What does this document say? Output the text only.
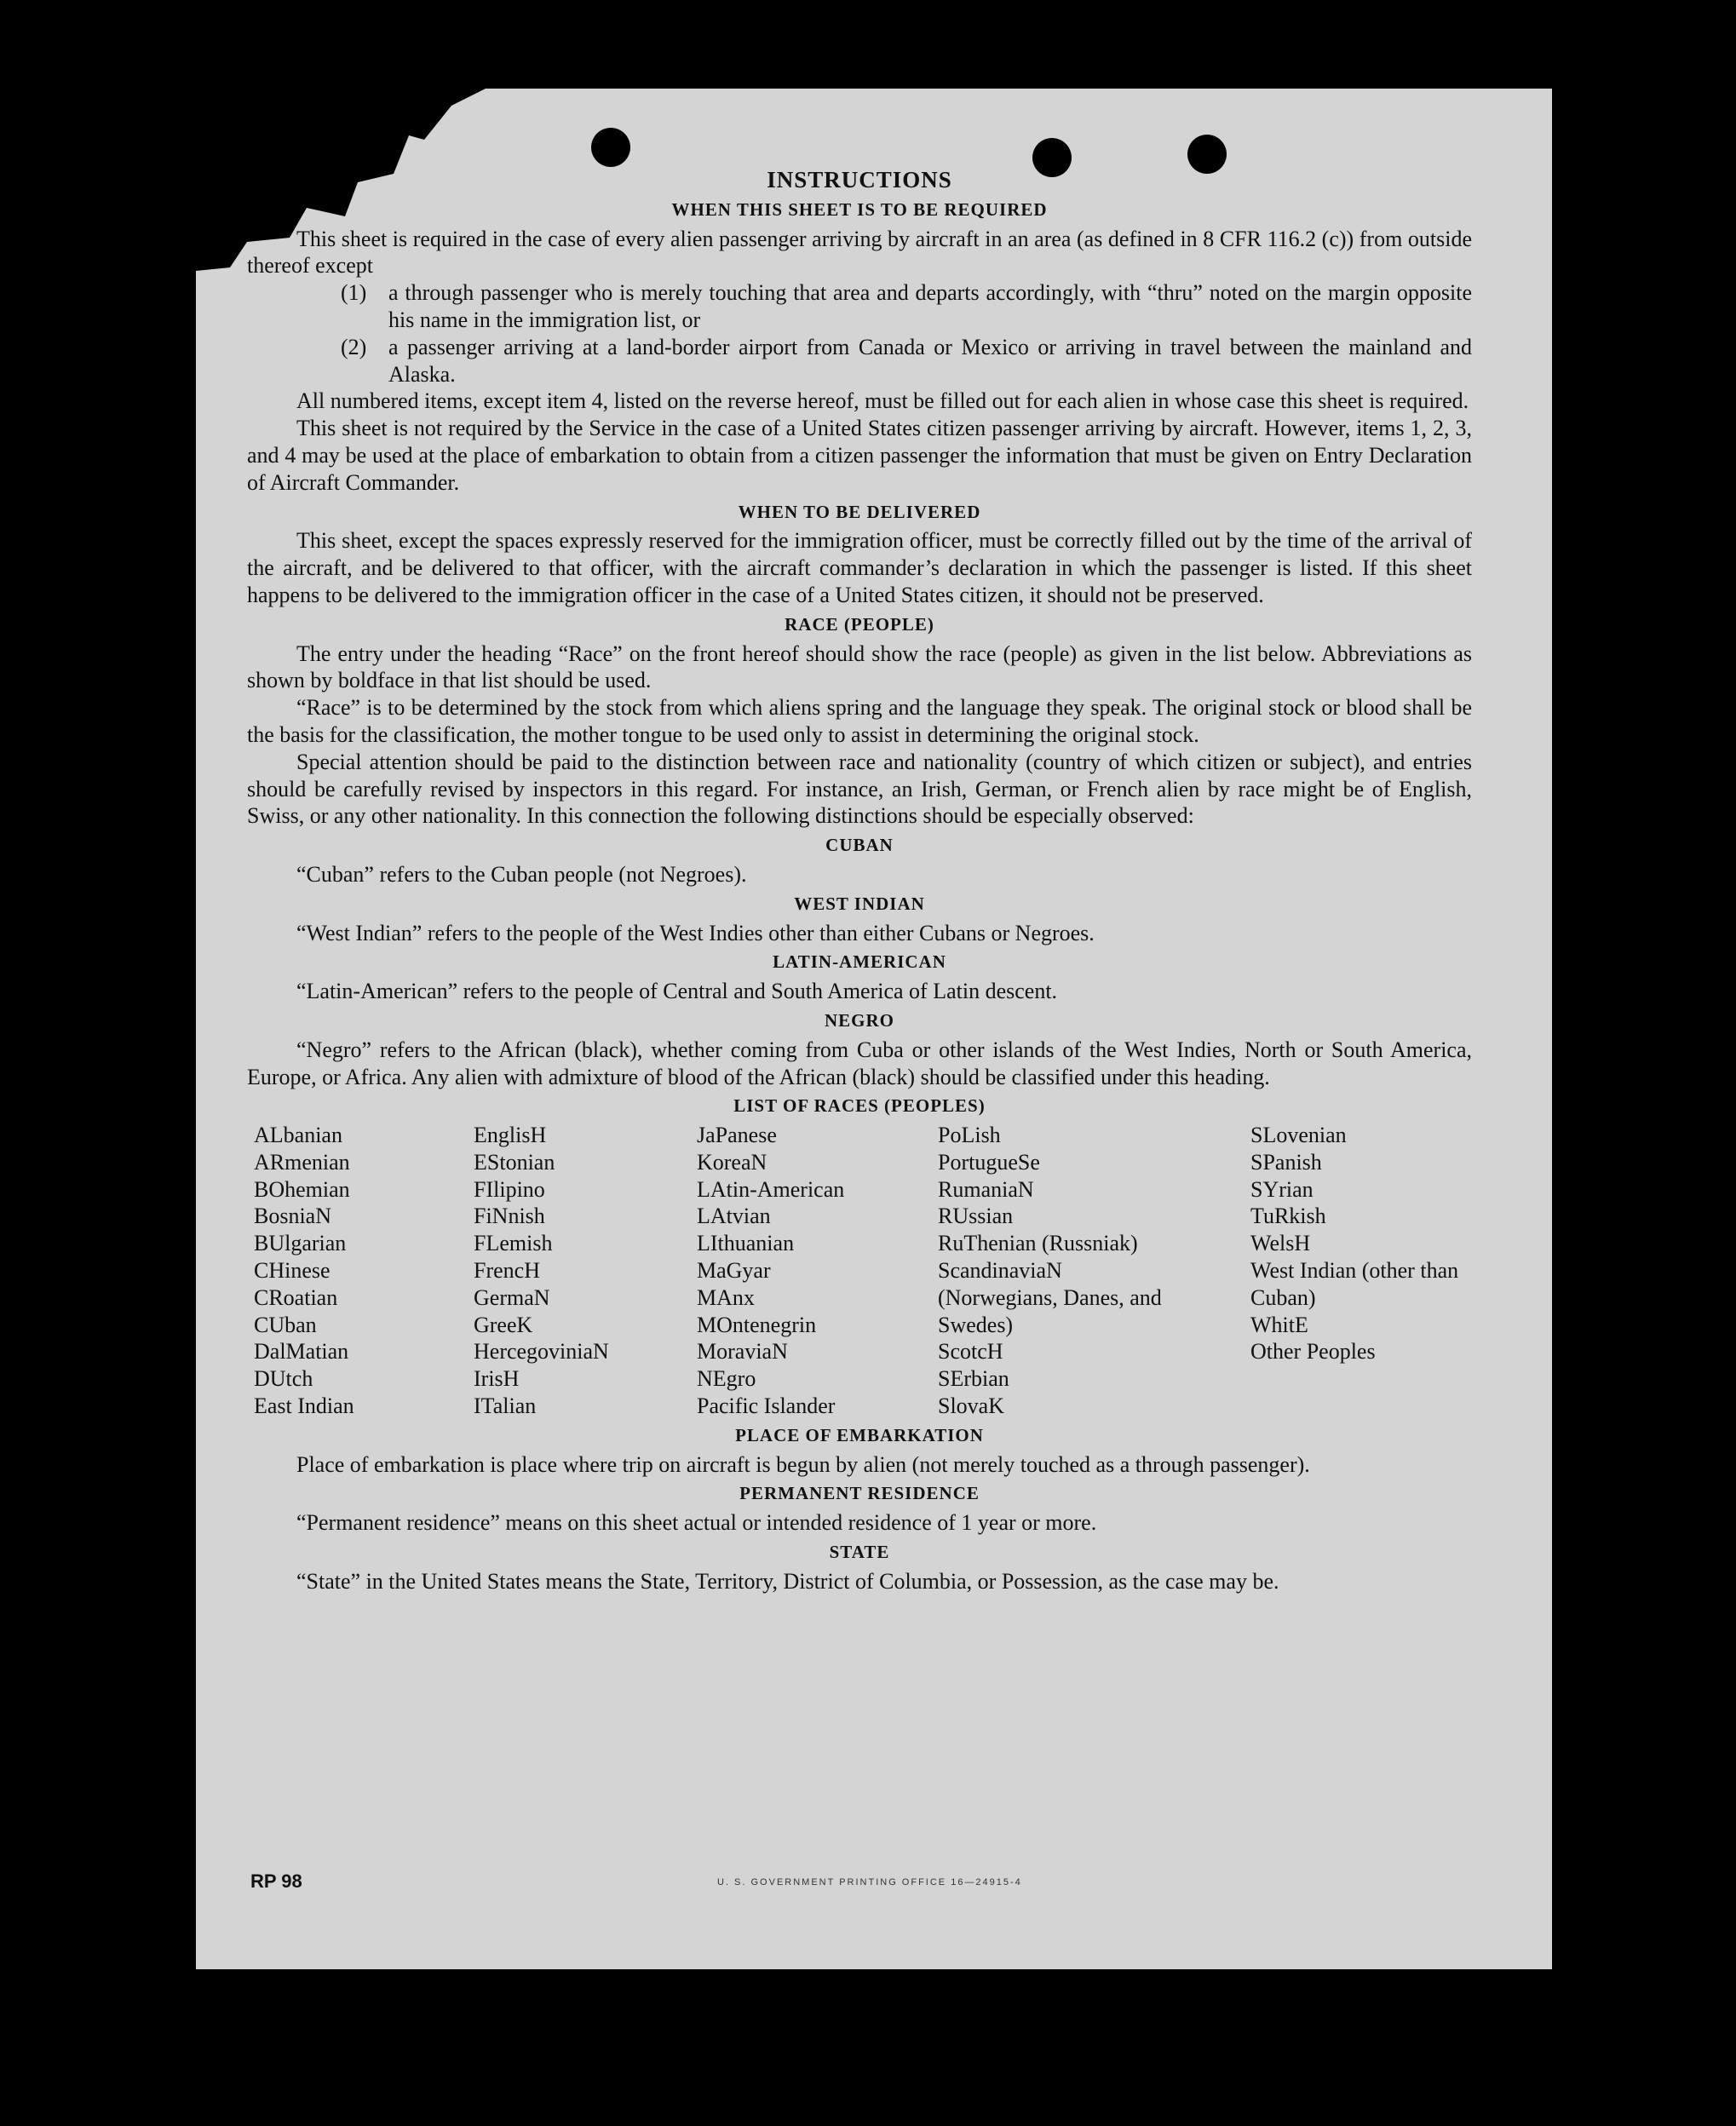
INSTRUCTIONS
WHEN THIS SHEET IS TO BE REQUIRED
This sheet is required in the case of every alien passenger arriving by aircraft in an area (as defined in 8 CFR 116.2 (c)) from outside thereof except
(1) a through passenger who is merely touching that area and departs accordingly, with “thru” noted on the margin opposite his name in the immigration list, or
(2) a passenger arriving at a land-border airport from Canada or Mexico or arriving in travel between the mainland and Alaska.
All numbered items, except item 4, listed on the reverse hereof, must be filled out for each alien in whose case this sheet is required.
This sheet is not required by the Service in the case of a United States citizen passenger arriving by aircraft. However, items 1, 2, 3, and 4 may be used at the place of embarkation to obtain from a citizen passenger the information that must be given on Entry Declaration of Aircraft Commander.
WHEN TO BE DELIVERED
This sheet, except the spaces expressly reserved for the immigration officer, must be correctly filled out by the time of the arrival of the aircraft, and be delivered to that officer, with the aircraft commander’s declaration in which the passenger is listed. If this sheet happens to be delivered to the immigration officer in the case of a United States citizen, it should not be preserved.
RACE (PEOPLE)
The entry under the heading “Race” on the front hereof should show the race (people) as given in the list below. Abbreviations as shown by boldface in that list should be used.
“Race” is to be determined by the stock from which aliens spring and the language they speak. The original stock or blood shall be the basis for the classification, the mother tongue to be used only to assist in determining the original stock.
Special attention should be paid to the distinction between race and nationality (country of which citizen or subject), and entries should be carefully revised by inspectors in this regard. For instance, an Irish, German, or French alien by race might be of English, Swiss, or any other nationality. In this connection the following distinctions should be especially observed:
CUBAN
“Cuban” refers to the Cuban people (not Negroes).
WEST INDIAN
“West Indian” refers to the people of the West Indies other than either Cubans or Negroes.
LATIN-AMERICAN
“Latin-American” refers to the people of Central and South America of Latin descent.
NEGRO
“Negro” refers to the African (black), whether coming from Cuba or other islands of the West Indies, North or South America, Europe, or Africa. Any alien with admixture of blood of the African (black) should be classified under this heading.
LIST OF RACES (PEOPLES)
ALbanian
ARmenian
BOhemian
BosniaN
BUlgarian
CHinese
CRoatian
CUban
DalMatian
DUtch
East Indian
EnglisH
EStonian
FIlipino
FiNnish
FLemish
FrencH
GermaN
GreeK
HercegoviniaN
IrisH
ITalian
JaPanese
KoreaN
LAtin-American
LAtvian
LIthuanian
MaGyar
MAnx
MOntenegrin
MoraviaN
NEgro
Pacific Islander
PoLish
PortugueSe
RumaniaN
RUssian
RuThenian (Russniak)
ScandinaviaN (Norwegians, Danes, and Swedes)
ScotcH
SErbian
SlovaK
SLovenian
SPanish
SYrian
TuRkish
WelsH
West Indian (other than Cuban)
WhitE
Other Peoples
PLACE OF EMBARKATION
Place of embarkation is place where trip on aircraft is begun by alien (not merely touched as a through passenger).
PERMANENT RESIDENCE
“Permanent residence” means on this sheet actual or intended residence of 1 year or more.
STATE
“State” in the United States means the State, Territory, District of Columbia, or Possession, as the case may be.
RP 98	U. S. GOVERNMENT PRINTING OFFICE 16—24915-4
